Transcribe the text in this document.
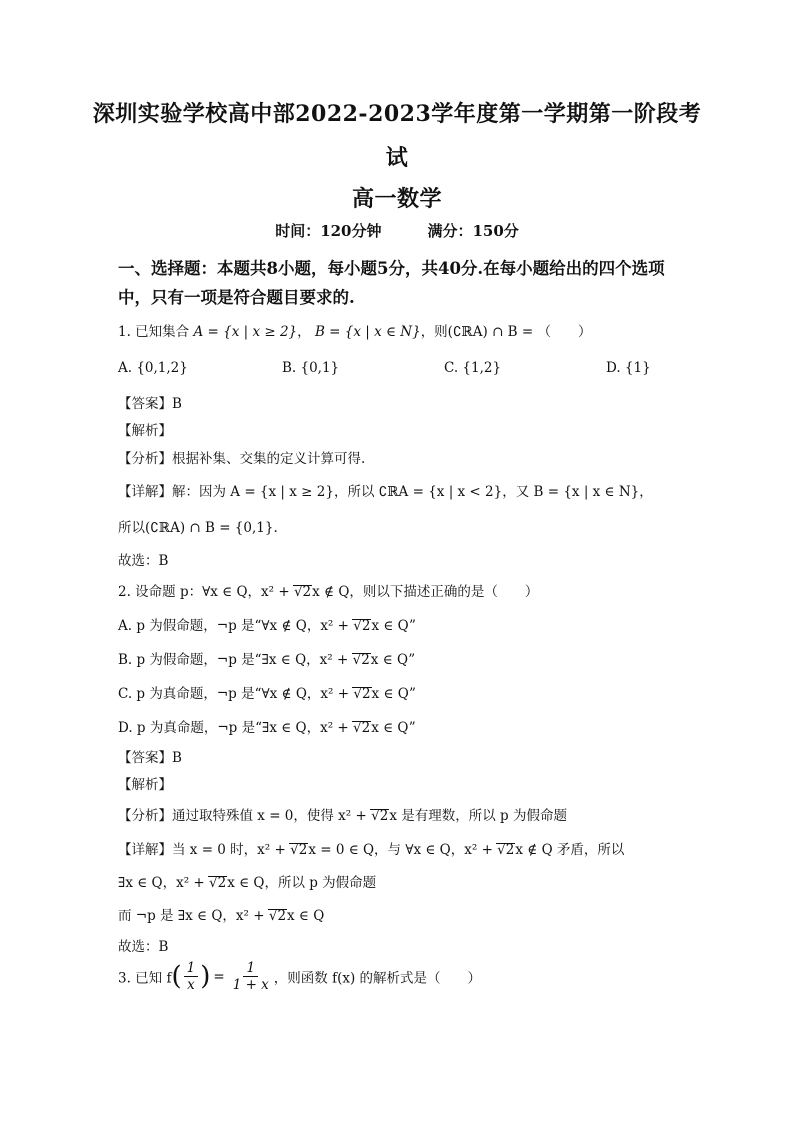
深圳实验学校高中部2022-2023学年度第一学期第一阶段考
试
高一数学
时间：120分钟	满分：150分
一、选择题：本题共8小题，每小题5分，共40分.在每小题给出的四个选项
中，只有一项是符合题目要求的.
1. 已知集合 A = {x | x ≥ 2}， B = {x | x ∈ N}，则(∁ℝA) ∩ B = （　　）
A. {0,1,2}	B. {0,1}	C. {1,2}	D. {1}
【答案】B
【解析】
【分析】根据补集、交集的定义计算可得.
【详解】解：因为 A = {x | x ≥ 2}，所以 ∁ℝA = {x | x < 2}，又 B = {x | x ∈ N}，
所以(∁ℝA) ∩ B = {0,1}.
故选：B
2. 设命题 p：∀x ∈ Q，x² + √2x ∉ Q，则以下描述正确的是（　　）
A. p 为假命题，¬p 是“∀x ∉ Q，x² + √2x ∈ Q”
B. p 为假命题，¬p 是“∃x ∈ Q，x² + √2x ∈ Q”
C. p 为真命题，¬p 是“∀x ∉ Q，x² + √2x ∈ Q”
D. p 为真命题，¬p 是“∃x ∈ Q，x² + √2x ∈ Q”
【答案】B
【解析】
【分析】通过取特殊值 x = 0，使得 x² + √2x 是有理数，所以 p 为假命题
【详解】当 x = 0 时，x² + √2x = 0 ∈ Q，与 ∀x ∈ Q，x² + √2x ∉ Q 矛盾，所以
∃x ∈ Q，x² + √2x ∈ Q，所以 p 为假命题
而 ¬p 是 ∃x ∈ Q，x² + √2x ∈ Q
故选：B
3. 已知 $f( \frac{1}{x}$ ) = $\frac{1}{1 + x}$ ，则函数 f(x) 的解析式是（　　）
